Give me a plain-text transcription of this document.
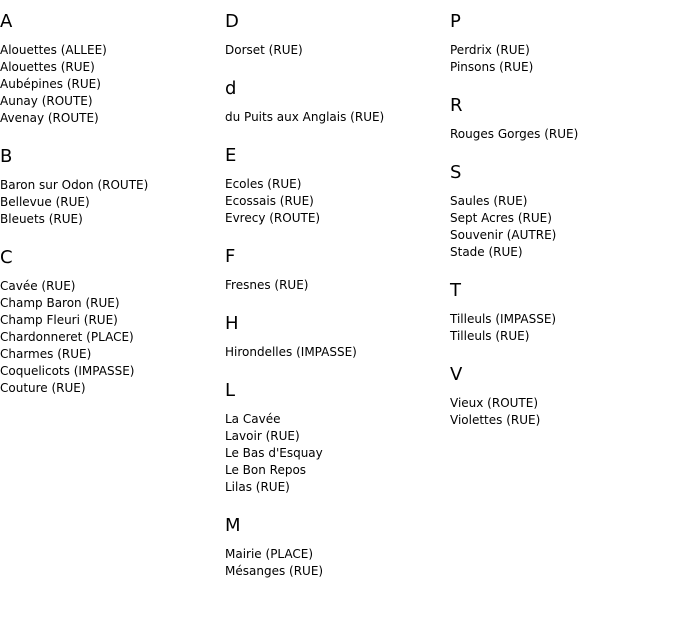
A
Alouettes (ALLEE)
Alouettes (RUE)
Aubépines (RUE)
Aunay (ROUTE)
Avenay (ROUTE)
B
Baron sur Odon (ROUTE)
Bellevue (RUE)
Bleuets (RUE)
C
Cavée (RUE)
Champ Baron (RUE)
Champ Fleuri (RUE)
Chardonneret (PLACE)
Charmes (RUE)
Coquelicots (IMPASSE)
Couture (RUE)
D
Dorset (RUE)
d
du Puits aux Anglais (RUE)
E
Ecoles (RUE)
Ecossais (RUE)
Evrecy (ROUTE)
F
Fresnes (RUE)
H
Hirondelles (IMPASSE)
L
La Cavée
Lavoir (RUE)
Le Bas d'Esquay
Le Bon Repos
Lilas (RUE)
M
Mairie (PLACE)
Mésanges (RUE)
P
Perdrix (RUE)
Pinsons (RUE)
R
Rouges Gorges (RUE)
S
Saules (RUE)
Sept Acres (RUE)
Souvenir (AUTRE)
Stade (RUE)
T
Tilleuls (IMPASSE)
Tilleuls (RUE)
V
Vieux (ROUTE)
Violettes (RUE)
